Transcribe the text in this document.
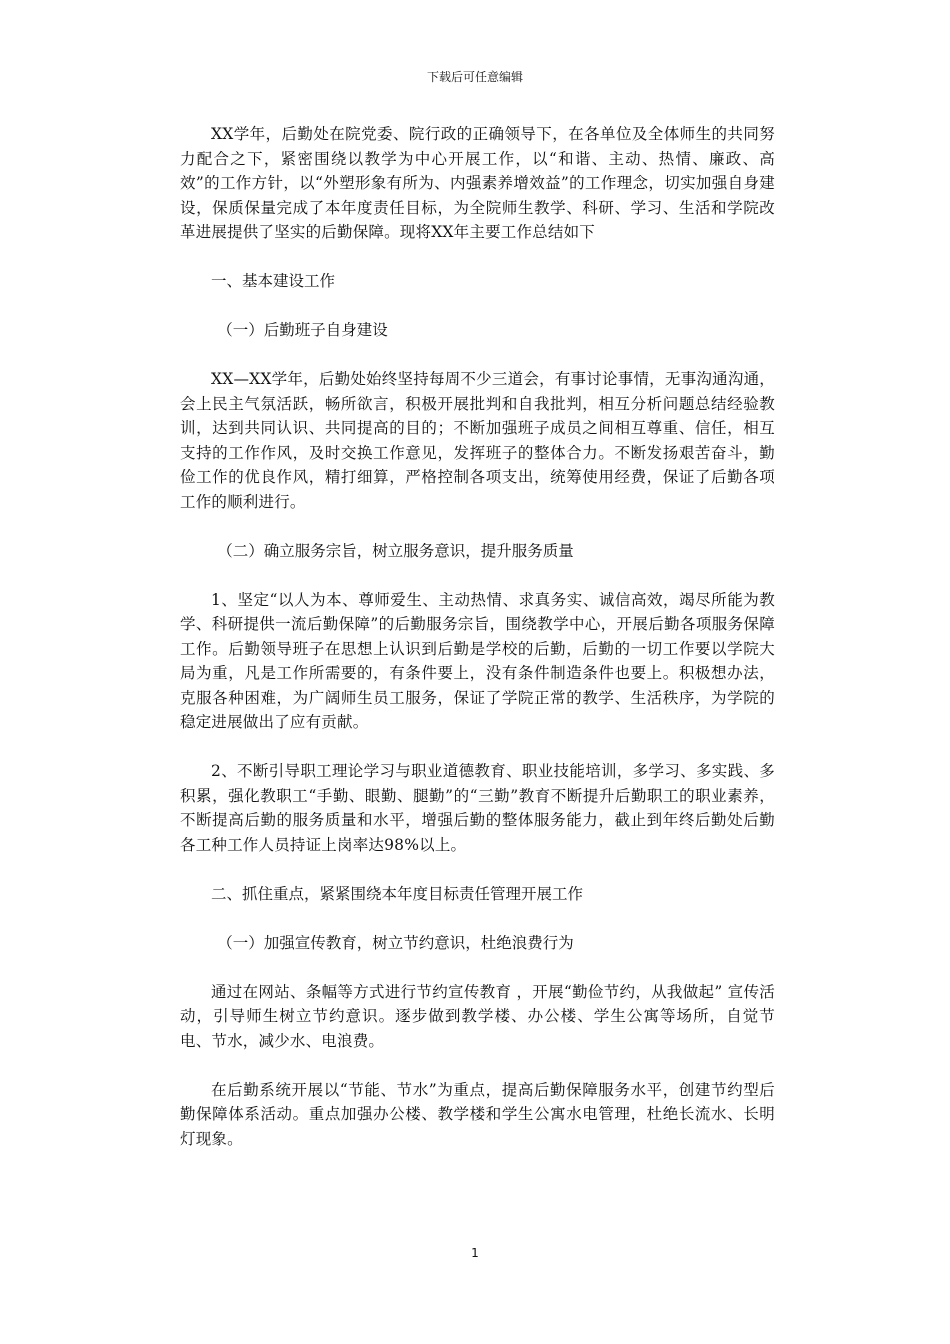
下载后可任意编辑

XX学年，后勤处在院党委、院行政的正确领导下，在各单位及全体师生的共同努力配合之下，紧密围绕以教学为中心开展工作，以“和谐、主动、热情、廉政、高效”的工作方针，以“外塑形象有所为、内强素养增效益”的工作理念，切实加强自身建设，保质保量完成了本年度责任目标，为全院师生教学、科研、学习、生活和学院改革进展提供了坚实的后勤保障。现将XX年主要工作总结如下

一、基本建设工作

（一）后勤班子自身建设

XX—XX学年，后勤处始终坚持每周不少三道会，有事讨论事情，无事沟通沟通，会上民主气氛活跃，畅所欲言，积极开展批判和自我批判，相互分析问题总结经验教训，达到共同认识、共同提高的目的；不断加强班子成员之间相互尊重、信任，相互支持的工作作风，及时交换工作意见，发挥班子的整体合力。不断发扬艰苦奋斗，勤俭工作的优良作风，精打细算，严格控制各项支出，统筹使用经费，保证了后勤各项工作的顺利进行。

（二）确立服务宗旨，树立服务意识，提升服务质量

1、坚定“以人为本、尊师爱生、主动热情、求真务实、诚信高效，竭尽所能为教学、科研提供一流后勤保障”的后勤服务宗旨，围绕教学中心，开展后勤各项服务保障工作。后勤领导班子在思想上认识到后勤是学校的后勤，后勤的一切工作要以学院大局为重，凡是工作所需要的，有条件要上，没有条件制造条件也要上。积极想办法，克服各种困难，为广阔师生员工服务，保证了学院正常的教学、生活秩序，为学院的稳定进展做出了应有贡献。

2、不断引导职工理论学习与职业道德教育、职业技能培训，多学习、多实践、多积累，强化教职工“手勤、眼勤、腿勤”的“三勤”教育不断提升后勤职工的职业素养，不断提高后勤的服务质量和水平，增强后勤的整体服务能力，截止到年终后勤处后勤各工种工作人员持证上岗率达98%以上。

二、抓住重点，紧紧围绕本年度目标责任管理开展工作

（一）加强宣传教育，树立节约意识，杜绝浪费行为

通过在网站、条幅等方式进行节约宣传教育 ，开展“勤俭节约，从我做起” 宣传活动，引导师生树立节约意识。逐步做到教学楼、办公楼、学生公寓等场所，自觉节电、节水，减少水、电浪费。

在后勤系统开展以“节能、节水”为重点，提高后勤保障服务水平，创建节约型后勤保障体系活动。重点加强办公楼、教学楼和学生公寓水电管理，杜绝长流水、长明灯现象。

1
